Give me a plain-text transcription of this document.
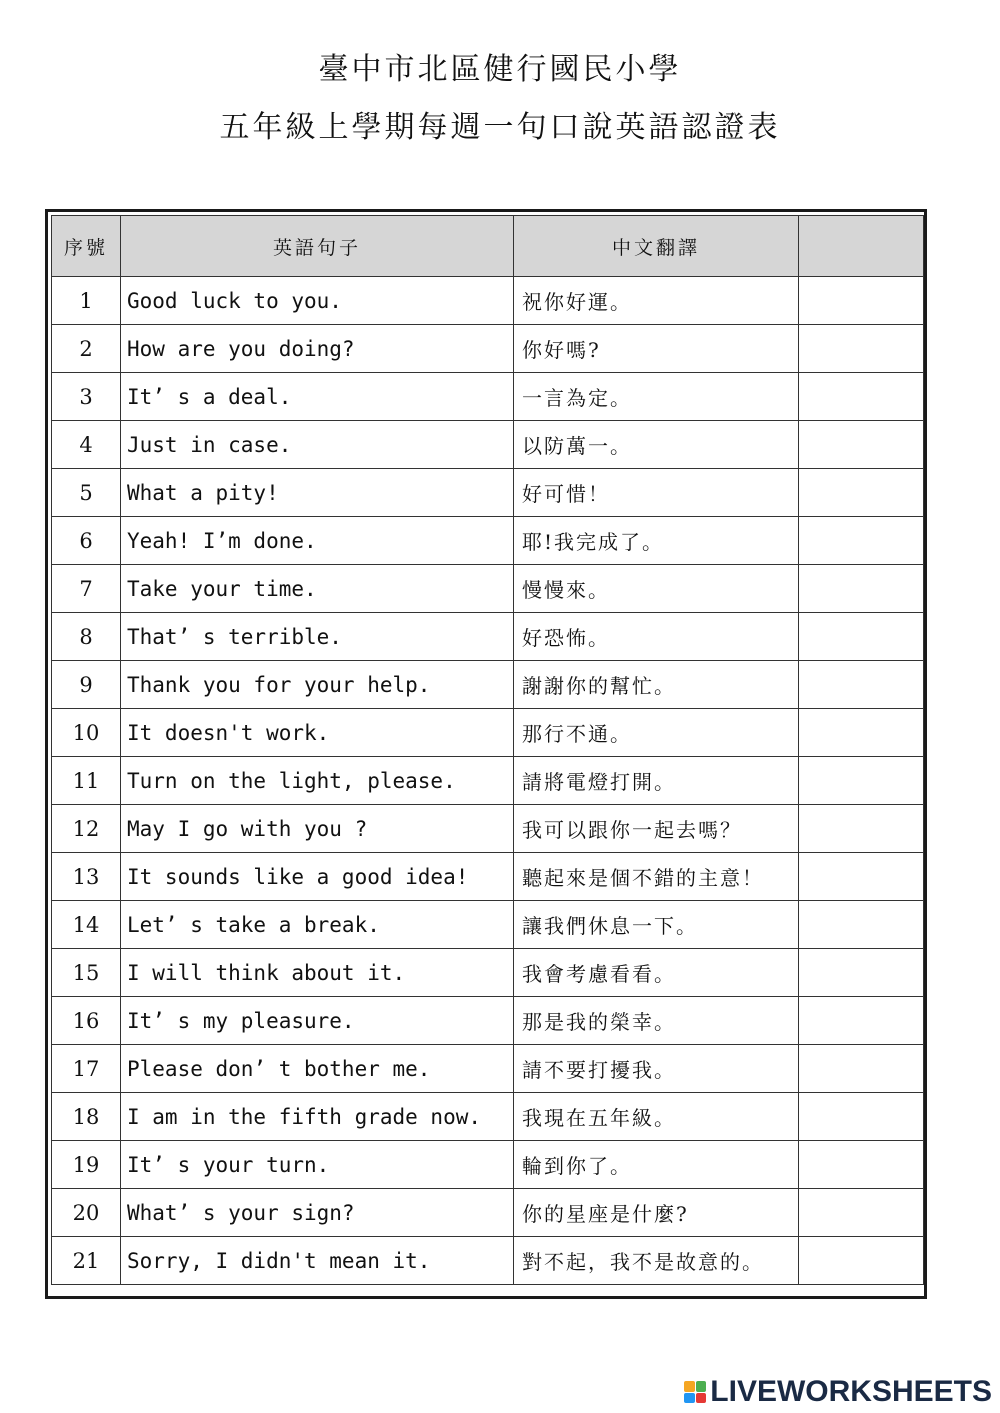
臺中市北區健行國民小學
五年級上學期每週一句口說英語認證表
序號	英語句子	中文翻譯	
1	Good luck to you.	祝你好運。	
2	How are you doing?	你好嗎?	
3	It’ s a deal.	一言為定。	
4	Just in case.	以防萬一。	
5	What a pity!	好可惜！	
6	Yeah! I’m done.	耶!我完成了。	
7	Take your time.	慢慢來。	
8	That’ s terrible.	好恐怖。	
9	Thank you for your help.	謝謝你的幫忙。	
10	It doesn't work.	那行不通。	
11	Turn on the light, please.	請將電燈打開。	
12	May I go with you ?	我可以跟你一起去嗎？	
13	It sounds like a good idea!	聽起來是個不錯的主意！	
14	Let’ s take a break.	讓我們休息一下。	
15	I will think about it.	我會考慮看看。	
16	It’ s my pleasure.	那是我的榮幸。	
17	Please don’ t bother me.	請不要打擾我。	
18	I am in the fifth grade now.	我現在五年級。	
19	It’ s your turn.	輪到你了。	
20	What’ s your sign?	你的星座是什麼?	
21	Sorry, I didn't mean it.	對不起，我不是故意的。	
LIVEWORKSHEETS
